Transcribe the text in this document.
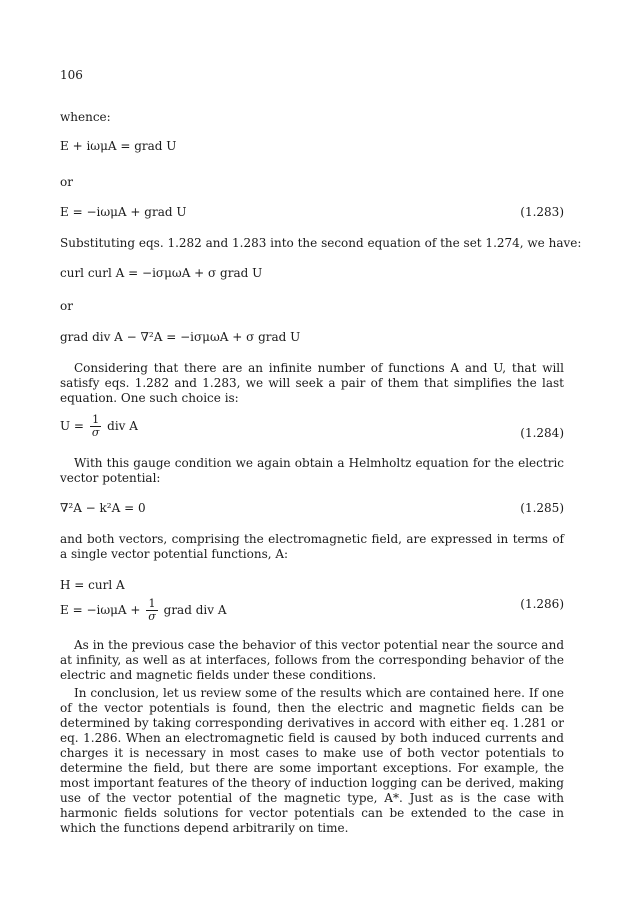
106
whence:
E + iωμA = grad U
or
E = −iωμA + grad U	(1.283)
Substituting eqs. 1.282 and 1.283 into the second equation of the set 1.274, we have:
curl curl A = −iσμωA + σ grad U
or
grad div A − ∇²A = −iσμωA + σ grad U

Considering that there are an infinite number of functions A and U, that will satisfy eqs. 1.282 and 1.283, we will seek a pair of them that simplifies the last equation. One such choice is:

$U = \frac{1}{\sigma}$ div A	(1.284)

With this gauge condition we again obtain a Helmholtz equation for the electric vector potential:

∇²A − k²A = 0	(1.285)

and both vectors, comprising the electromagnetic field, are expressed in terms of a single vector potential functions, A:

H = curl A
$E = -i\omega\mu A + \frac{1}{\sigma}$ grad div A	(1.286)

As in the previous case the behavior of this vector potential near the source and at infinity, as well as at interfaces, follows from the corresponding behavior of the electric and magnetic fields under these conditions.

In conclusion, let us review some of the results which are contained here. If one of the vector potentials is found, then the electric and magnetic fields can be determined by taking corresponding derivatives in accord with either eq. 1.281 or eq. 1.286. When an electromagnetic field is caused by both induced currents and charges it is necessary in most cases to make use of both vector potentials to determine the field, but there are some important exceptions. For example, the most important features of the theory of induction logging can be derived, making use of the vector potential of the magnetic type, A*. Just as is the case with harmonic fields solutions for vector potentials can be extended to the case in which the functions depend arbitrarily on time.
